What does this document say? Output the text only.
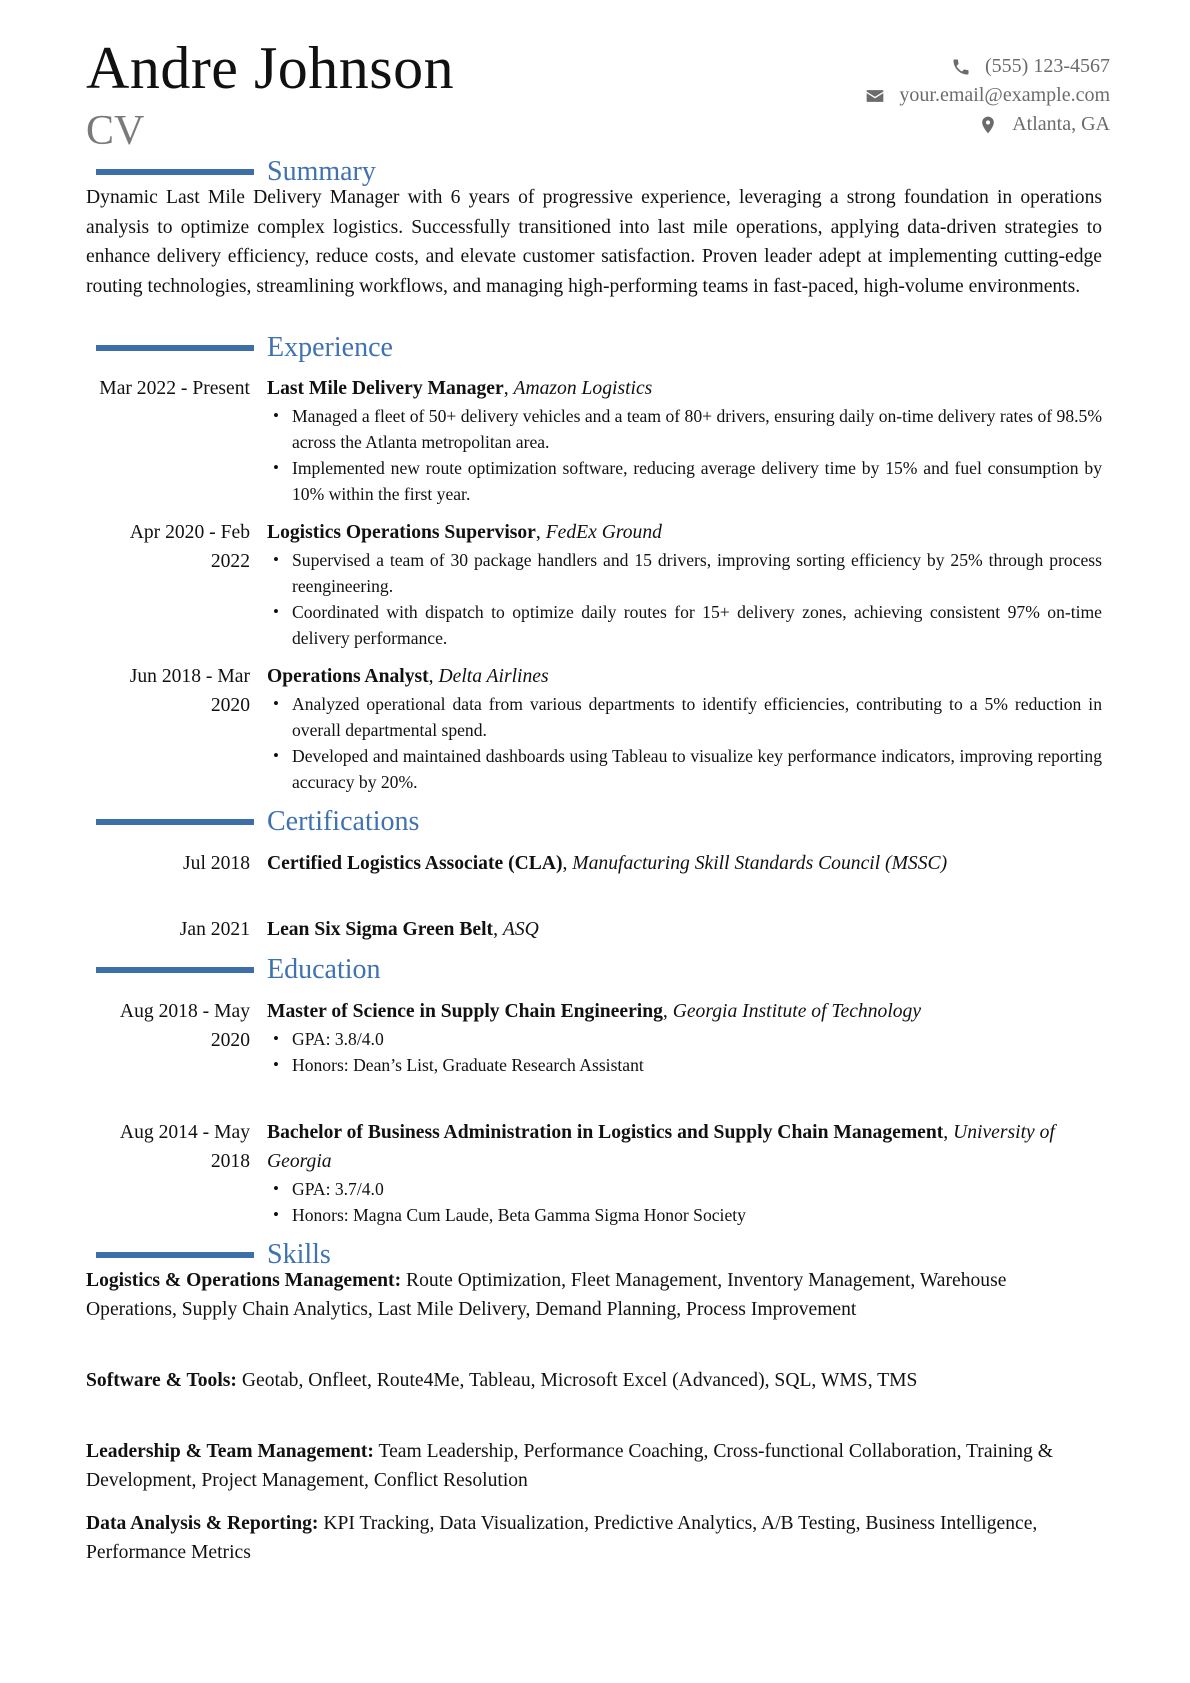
Andre Johnson
CV
(555) 123-4567
your.email@example.com
Atlanta, GA
Summary
Dynamic Last Mile Delivery Manager with 6 years of progressive experience, leveraging a strong foundation in operations analysis to optimize complex logistics. Successfully transitioned into last mile operations, applying data-driven strategies to enhance delivery efficiency, reduce costs, and elevate customer satisfaction. Proven leader adept at implementing cutting-edge routing technologies, streamlining workflows, and managing high-performing teams in fast-paced, high-volume environments.
Experience
Mar 2022 - Present Last Mile Delivery Manager, Amazon Logistics
• Managed a fleet of 50+ delivery vehicles and a team of 80+ drivers, ensuring daily on-time delivery rates of 98.5% across the Atlanta metropolitan area.
• Implemented new route optimization software, reducing average delivery time by 15% and fuel consumption by 10% within the first year.
Apr 2020 - Feb 2022
Logistics Operations Supervisor, FedEx Ground
• Supervised a team of 30 package handlers and 15 drivers, improving sorting efficiency by 25% through process reengineering.
• Coordinated with dispatch to optimize daily routes for 15+ delivery zones, achieving consistent 97% on-time delivery performance.
Jun 2018 - Mar 2020
Operations Analyst, Delta Airlines
• Analyzed operational data from various departments to identify efficiencies, contributing to a 5% reduction in overall departmental spend.
• Developed and maintained dashboards using Tableau to visualize key performance indicators, improving reporting accuracy by 20%.
Certifications
Jul 2018 Certified Logistics Associate (CLA), Manufacturing Skill Standards Council (MSSC)
Jan 2021 Lean Six Sigma Green Belt, ASQ
Education
Aug 2018 - May 2020
Master of Science in Supply Chain Engineering, Georgia Institute of Technology
• GPA: 3.8/4.0
• Honors: Dean’s List, Graduate Research Assistant
Aug 2014 - May 2018
Bachelor of Business Administration in Logistics and Supply Chain Management, University of Georgia
• GPA: 3.7/4.0
• Honors: Magna Cum Laude, Beta Gamma Sigma Honor Society
Skills
Logistics & Operations Management: Route Optimization, Fleet Management, Inventory Management, Warehouse Operations, Supply Chain Analytics, Last Mile Delivery, Demand Planning, Process Improvement
Software & Tools: Geotab, Onfleet, Route4Me, Tableau, Microsoft Excel (Advanced), SQL, WMS, TMS
Leadership & Team Management: Team Leadership, Performance Coaching, Cross-functional Collaboration, Training & Development, Project Management, Conflict Resolution
Data Analysis & Reporting: KPI Tracking, Data Visualization, Predictive Analytics, A/B Testing, Business Intelligence, Performance Metrics
